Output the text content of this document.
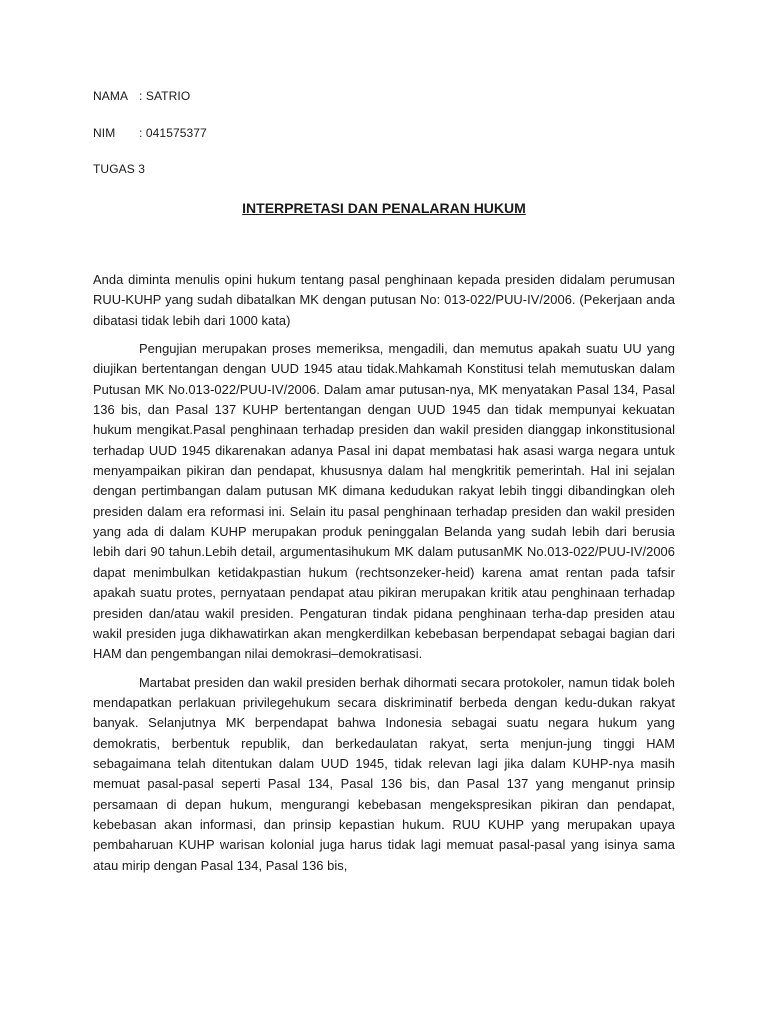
NAMA : SATRIO
NIM : 041575377
TUGAS 3
INTERPRETASI DAN PENALARAN HUKUM

Anda diminta menulis opini hukum tentang pasal penghinaan kepada presiden didalam perumusan RUU-KUHP yang sudah dibatalkan MK dengan putusan No: 013-022/PUU-IV/2006. (Pekerjaan anda dibatasi tidak lebih dari 1000 kata)

Pengujian merupakan proses memeriksa, mengadili, dan memutus apakah suatu UU yang diujikan bertentangan dengan UUD 1945 atau tidak.Mahkamah Konstitusi telah memutuskan dalam Putusan MK No.013-022/PUU-IV/2006. Dalam amar putusan-nya, MK menyatakan Pasal 134, Pasal 136 bis, dan Pasal 137 KUHP bertentangan dengan UUD 1945 dan tidak mempunyai kekuatan hukum mengikat.Pasal penghinaan terhadap presiden dan wakil presiden dianggap inkonstitusional terhadap UUD 1945 dikarenakan adanya Pasal ini dapat membatasi hak asasi warga negara untuk menyampaikan pikiran dan pendapat, khususnya dalam hal mengkritik pemerintah. Hal ini sejalan dengan pertimbangan dalam putusan MK dimana kedudukan rakyat lebih tinggi dibandingkan oleh presiden dalam era reformasi ini. Selain itu pasal penghinaan terhadap presiden dan wakil presiden yang ada di dalam KUHP merupakan produk peninggalan Belanda yang sudah lebih dari berusia lebih dari 90 tahun.Lebih detail, argumentasihukum MK dalam putusanMK No.013-022/PUU-IV/2006 dapat menimbulkan ketidakpastian hukum (rechtsonzeker-heid) karena amat rentan pada tafsir apakah suatu protes, pernyataan pendapat atau pikiran merupakan kritik atau penghinaan terhadap presiden dan/atau wakil presiden. Pengaturan tindak pidana penghinaan terha-dap presiden atau wakil presiden juga dikhawatirkan akan mengkerdilkan kebebasan berpendapat sebagai bagian dari HAM dan pengembangan nilai demokrasi–demokratisasi.

Martabat presiden dan wakil presiden berhak dihormati secara protokoler, namun tidak boleh mendapatkan perlakuan privilegehukum secara diskriminatif berbeda dengan kedu-dukan rakyat banyak. Selanjutnya MK berpendapat bahwa Indonesia sebagai suatu negara hukum yang demokratis, berbentuk republik, dan berkedaulatan rakyat, serta menjun-jung tinggi HAM sebagaimana telah ditentukan dalam UUD 1945, tidak relevan lagi jika dalam KUHP-nya masih memuat pasal-pasal seperti Pasal 134, Pasal 136 bis, dan Pasal 137 yang menganut prinsip persamaan di depan hukum, mengurangi kebebasan mengekspresikan pikiran dan pendapat, kebebasan akan informasi, dan prinsip kepastian hukum. RUU KUHP yang merupakan upaya pembaharuan KUHP warisan kolonial juga harus tidak lagi memuat pasal-pasal yang isinya sama atau mirip dengan Pasal 134, Pasal 136 bis,
